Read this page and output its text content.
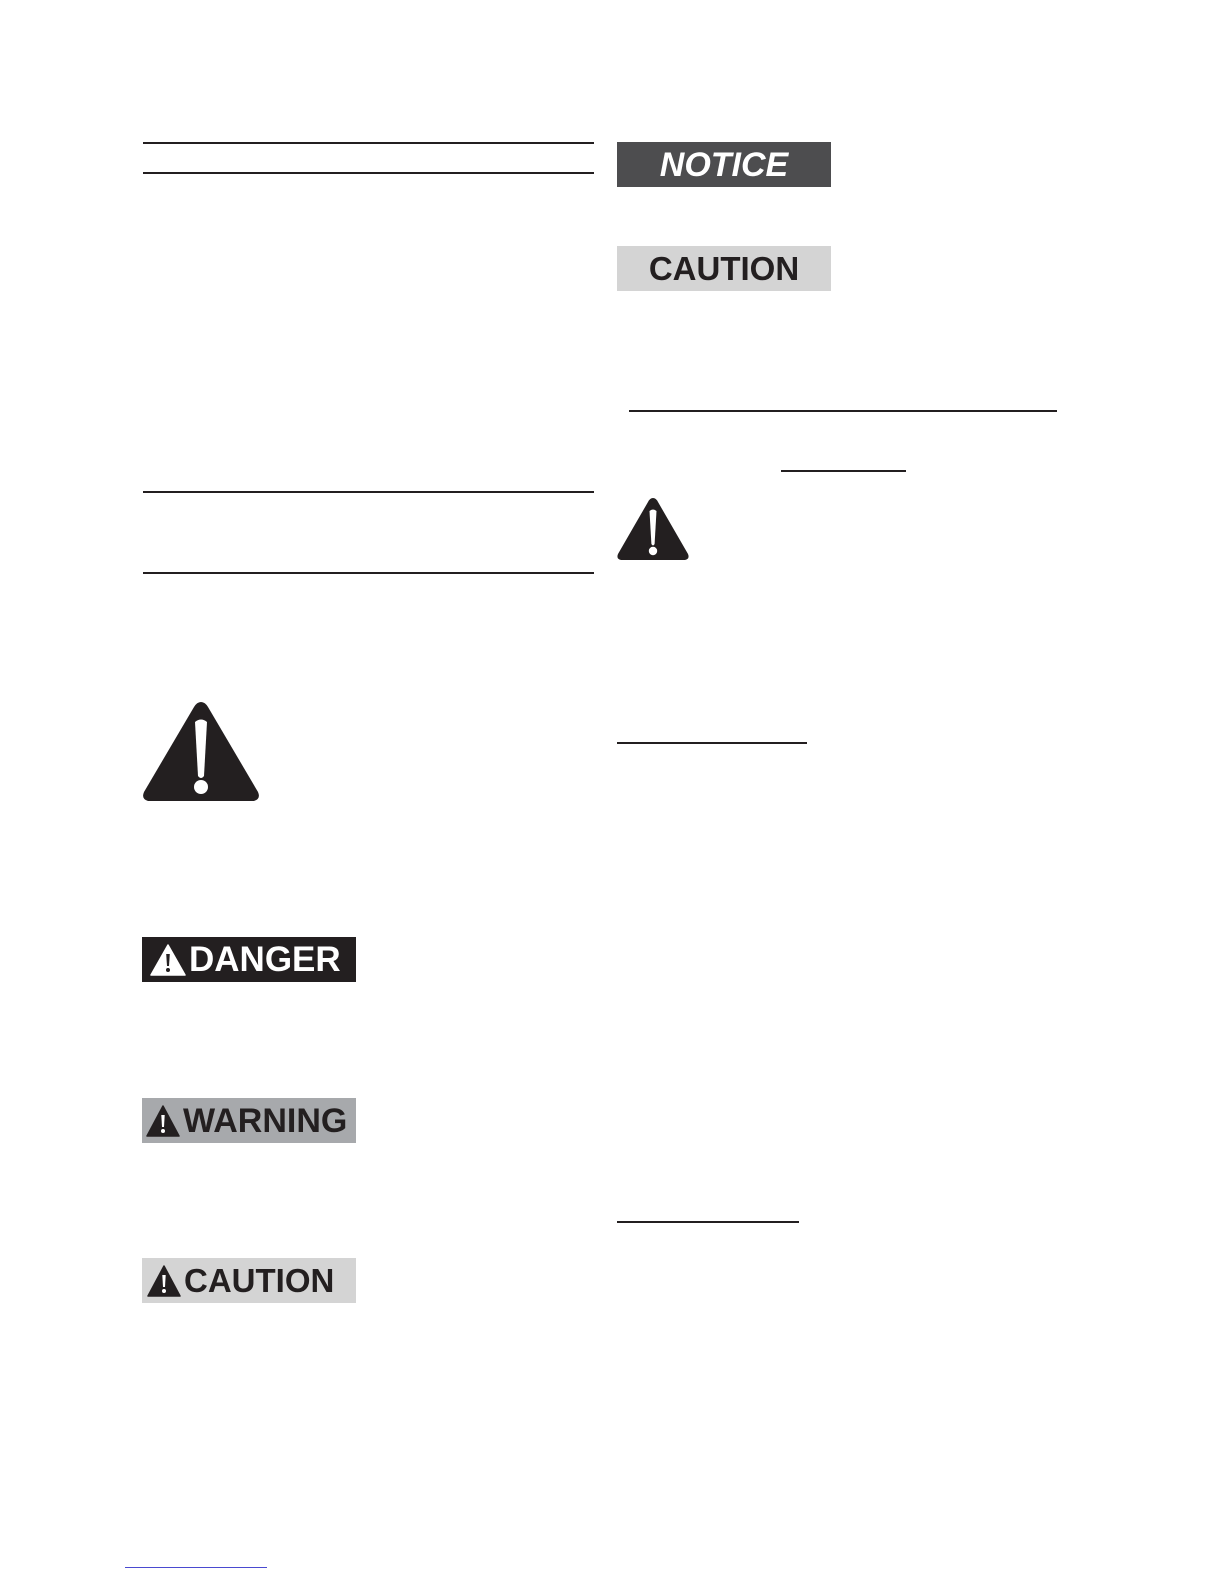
DANGER
WARNING
CAUTION
NOTICE
CAUTION
